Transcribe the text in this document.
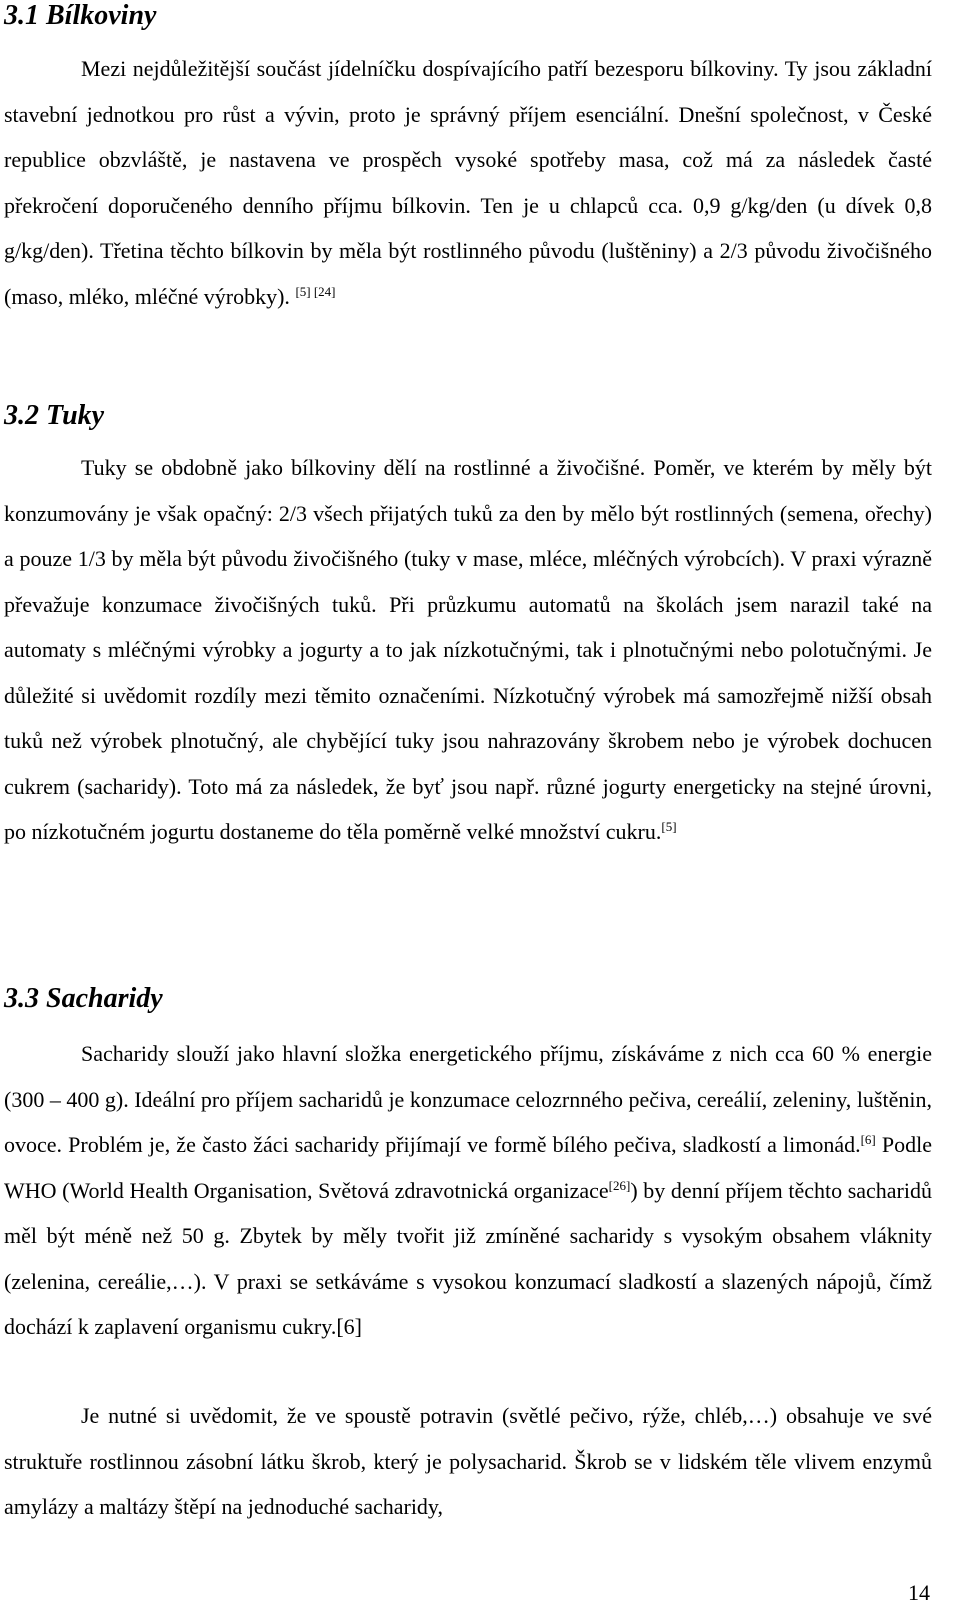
3.1 Bílkoviny

Mezi nejdůležitější součást jídelníčku dospívajícího patří bezesporu bílkoviny. Ty jsou základní stavební jednotkou pro růst a vývin, proto je správný příjem esenciální. Dnešní společnost, v České republice obzvláště, je nastavena ve prospěch vysoké spotřeby masa, což má za následek časté překročení doporučeného denního příjmu bílkovin. Ten je u chlapců cca. 0,9 g/kg/den (u dívek 0,8 g/kg/den). Třetina těchto bílkovin by měla být rostlinného původu (luštěniny) a 2/3 původu živočišného (maso, mléko, mléčné výrobky). [5] [24]

3.2 Tuky

Tuky se obdobně jako bílkoviny dělí na rostlinné a živočišné. Poměr, ve kterém by měly být konzumovány je však opačný: 2/3 všech přijatých tuků za den by mělo být rostlinných (semena, ořechy) a pouze 1/3 by měla být původu živočišného (tuky v mase, mléce, mléčných výrobcích). V praxi výrazně převažuje konzumace živočišných tuků. Při průzkumu automatů na školách jsem narazil také na automaty s mléčnými výrobky a jogurty a to jak nízkotučnými, tak i plnotučnými nebo polotučnými. Je důležité si uvědomit rozdíly mezi těmito označeními. Nízkotučný výrobek má samozřejmě nižší obsah tuků než výrobek plnotučný, ale chybějící tuky jsou nahrazovány škrobem nebo je výrobek dochucen cukrem (sacharidy). Toto má za následek, že byť jsou např. různé jogurty energeticky na stejné úrovni, po nízkotučném jogurtu dostaneme do těla poměrně velké množství cukru.[5]

3.3 Sacharidy

Sacharidy slouží jako hlavní složka energetického příjmu, získáváme z nich cca 60 % energie (300 – 400 g). Ideální pro příjem sacharidů je konzumace celozrnného pečiva, cereálií, zeleniny, luštěnin, ovoce. Problém je, že často žáci sacharidy přijímají ve formě bílého pečiva, sladkostí a limonád.[6] Podle WHO (World Health Organisation, Světová zdravotnická organizace[26]) by denní příjem těchto sacharidů měl být méně než 50 g. Zbytek by měly tvořit již zmíněné sacharidy s vysokým obsahem vláknity (zelenina, cereálie,…). V praxi se setkáváme s vysokou konzumací sladkostí a slazených nápojů, čímž dochází k zaplavení organismu cukry.[6]

Je nutné si uvědomit, že ve spoustě potravin (světlé pečivo, rýže, chléb,…) obsahuje ve své struktuře rostlinnou zásobní látku škrob, který je polysacharid. Škrob se v lidském těle vlivem enzymů amylázy a maltázy štěpí na jednoduché sacharidy,

14
